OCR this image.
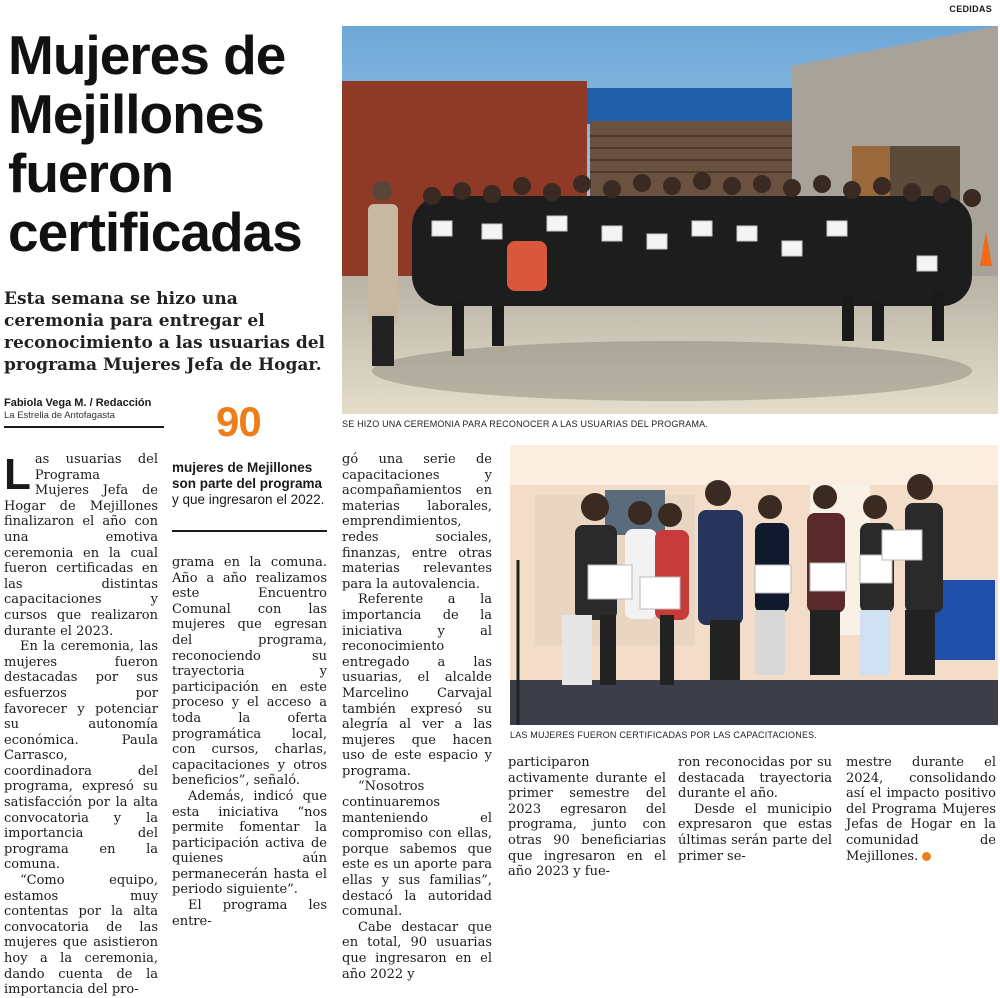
CEDIDAS
Mujeres de Mejillones fueron certificadas

Esta semana se hizo una ceremonia para entregar el reconocimiento a las usuarias del programa Mujeres Jefa de Hogar.

Fabiola Vega M. / Redacción
La Estrella de Antofagasta 90
mujeres de Mejillones son parte del programa y que ingresaron el 2022.
SE HIZO UNA CEREMONIA PARA RECONOCER A LAS USUARIAS DEL PROGRAMA.
LAS MUJERES FUERON CERTIFICADAS POR LAS CAPACITACIONES.

Las usuarias del Programa Mujeres Jefa de Hogar de Mejillones finalizaron el año con una emotiva ceremonia en la cual fueron certificadas en las distintas capacitaciones y cursos que realizaron durante el 2023.

En la ceremonia, las mujeres fueron destacadas por sus esfuerzos por favorecer y potenciar su autonomía económica. Paula Carrasco, coordinadora del programa, expresó su satisfacción por la alta convocatoria y la importancia del programa en la comuna.

“Como equipo, estamos muy contentas por la alta convocatoria de las mujeres que asistieron hoy a la ceremonia, dando cuenta de la importancia del pro-

grama en la comuna. Año a año realizamos este Encuentro Comunal con las mujeres que egresan del programa, reconociendo su trayectoria y participación en este proceso y el acceso a toda la oferta programática local, con cursos, charlas, capacitaciones y otros beneficios”, señaló.

Además, indicó que esta iniciativa “nos permite fomentar la participación activa de quienes aún permanecerán hasta el periodo siguiente”.

El programa les entre-

gó una serie de capacitaciones y acompañamientos en materias laborales, emprendimientos, redes sociales, finanzas, entre otras materias relevantes para la autovalencia.

Referente a la importancia de la iniciativa y al reconocimiento entregado a las usuarias, el alcalde Marcelino Carvajal también expresó su alegría al ver a las mujeres que hacen uso de este espacio y programa.

“Nosotros continuaremos manteniendo el compromiso con ellas, porque sabemos que este es un aporte para ellas y sus familias”, destacó la autoridad comunal.

Cabe destacar que en total, 90 usuarias que ingresaron en el año 2022 y

participaron activamente durante el primer semestre del 2023 egresaron del programa, junto con otras 90 beneficiarias que ingresaron en el año 2023 y fue-

ron reconocidas por su destacada trayectoria durante el año.

Desde el municipio expresaron que estas últimas serán parte del primer se-

mestre durante el 2024, consolidando así el impacto positivo del Programa Mujeres Jefas de Hogar en la comunidad de Mejillones.
